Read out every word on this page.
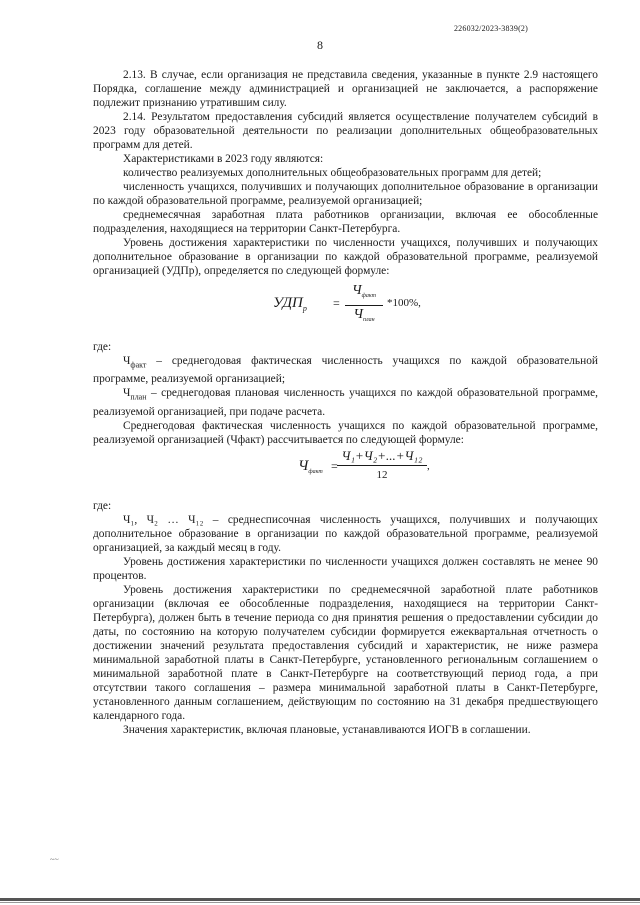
226032/2023-3839(2)
8

2.13. В случае, если организация не представила сведения, указанные в пункте 2.9 настоящего Порядка, соглашение между администрацией и организацией не заключается, а распоряжение подлежит признанию утратившим силу.

2.14. Результатом предоставления субсидий является осуществление получателем субсидий в 2023 году образовательной деятельности по реализации дополнительных общеобразовательных программ для детей.

Характеристиками в 2023 году являются:

количество реализуемых дополнительных общеобразовательных программ для детей;

численность учащихся, получивших и получающих дополнительное образование в организации по каждой образовательной программе, реализуемой организацией;

среднемесячная заработная плата работников организации, включая ее обособленные подразделения, находящиеся на территории Санкт-Петербурга.

Уровень достижения характеристики по численности учащихся, получивших и получающих дополнительное образование в организации по каждой образовательной программе, реализуемой организацией (УДПр), определяется по следующей формуле:

$УДП_р$ =
$Ч_{факт}$
$Ч_{план}$
*100%,

где:

$Ч_{факт}$ – среднегодовая фактическая численность учащихся по каждой образовательной программе, реализуемой организацией;

$Ч_{план}$ – среднегодовая плановая численность учащихся по каждой образовательной программе, реализуемой организацией, при подаче расчета.

Среднегодовая фактическая численность учащихся по каждой образовательной программе, реализуемой организацией (Чфакт) рассчитывается по следующей формуле:

$Ч_{факт}$ =
Ч₁+Ч₂+...+Ч₁₂
12
,

где:

Ч₁, Ч₂ … Ч₁₂ – среднесписочная численность учащихся, получивших и получающих дополнительное образование в организации по каждой образовательной программе, реализуемой организацией, за каждый месяц в году.

Уровень достижения характеристики по численности учащихся должен составлять не менее 90 процентов.

Уровень достижения характеристики по среднемесячной заработной плате работников организации (включая ее обособленные подразделения, находящиеся на территории Санкт-Петербурга), должен быть в течение периода со дня принятия решения о предоставлении субсидии до даты, по состоянию на которую получателем субсидии формируется ежеквартальная отчетность о достижении значений результата предоставления субсидий и характеристик, не ниже размера минимальной заработной платы в Санкт-Петербурге, установленного региональным соглашением о минимальной заработной плате в Санкт-Петербурге на соответствующий период года, а при отсутствии такого соглашения – размера минимальной заработной платы в Санкт-Петербурге, установленного данным соглашением, действующим по состоянию на 31 декабря предшествующего календарного года.

Значения характеристик, включая плановые, устанавливаются ИОГВ в соглашении.

~~
